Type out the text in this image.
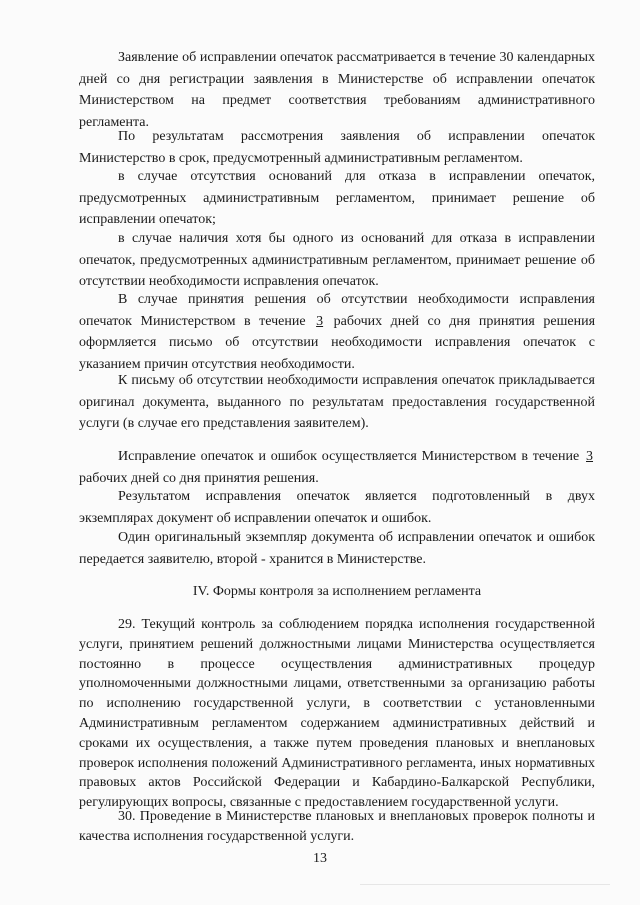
Заявление об исправлении опечаток рассматривается в течение 30 календарных дней со дня регистрации заявления в Министерстве об исправлении опечаток Министерством на предмет соответствия требованиям административного регламента.

По результатам рассмотрения заявления об исправлении опечаток Министерство в срок, предусмотренный административным регламентом.

в случае отсутствия оснований для отказа в исправлении опечаток, предусмотренных административным регламентом, принимает решение об исправлении опечаток;

в случае наличия хотя бы одного из оснований для отказа в исправлении опечаток, предусмотренных административным регламентом, принимает решение об отсутствии необходимости исправления опечаток.

В случае принятия решения об отсутствии необходимости исправления опечаток Министерством в течение 3 рабочих дней со дня принятия решения оформляется письмо об отсутствии необходимости исправления опечаток с указанием причин отсутствия необходимости.

К письму об отсутствии необходимости исправления опечаток прикладывается оригинал документа, выданного по результатам предоставления государственной услуги (в случае его представления заявителем).

Исправление опечаток и ошибок осуществляется Министерством в течение 3 рабочих дней со дня принятия решения.

Результатом исправления опечаток является подготовленный в двух экземплярах документ об исправлении опечаток и ошибок.

Один оригинальный экземпляр документа об исправлении опечаток и ошибок передается заявителю, второй - хранится в Министерстве.

IV. Формы контроля за исполнением регламента

29. Текущий контроль за соблюдением порядка исполнения государственной услуги, принятием решений должностными лицами Министерства осуществляется постоянно в процессе осуществления административных процедур уполномоченными должностными лицами, ответственными за организацию работы по исполнению государственной услуги, в соответствии с установленными Административным регламентом содержанием административных действий и сроками их осуществления, а также путем проведения плановых и внеплановых проверок исполнения положений Административного регламента, иных нормативных правовых актов Российской Федерации и Кабардино-Балкарской Республики, регулирующих вопросы, связанные с предоставлением государственной услуги.

30. Проведение в Министерстве плановых и внеплановых проверок полноты и качества исполнения государственной услуги.

13
